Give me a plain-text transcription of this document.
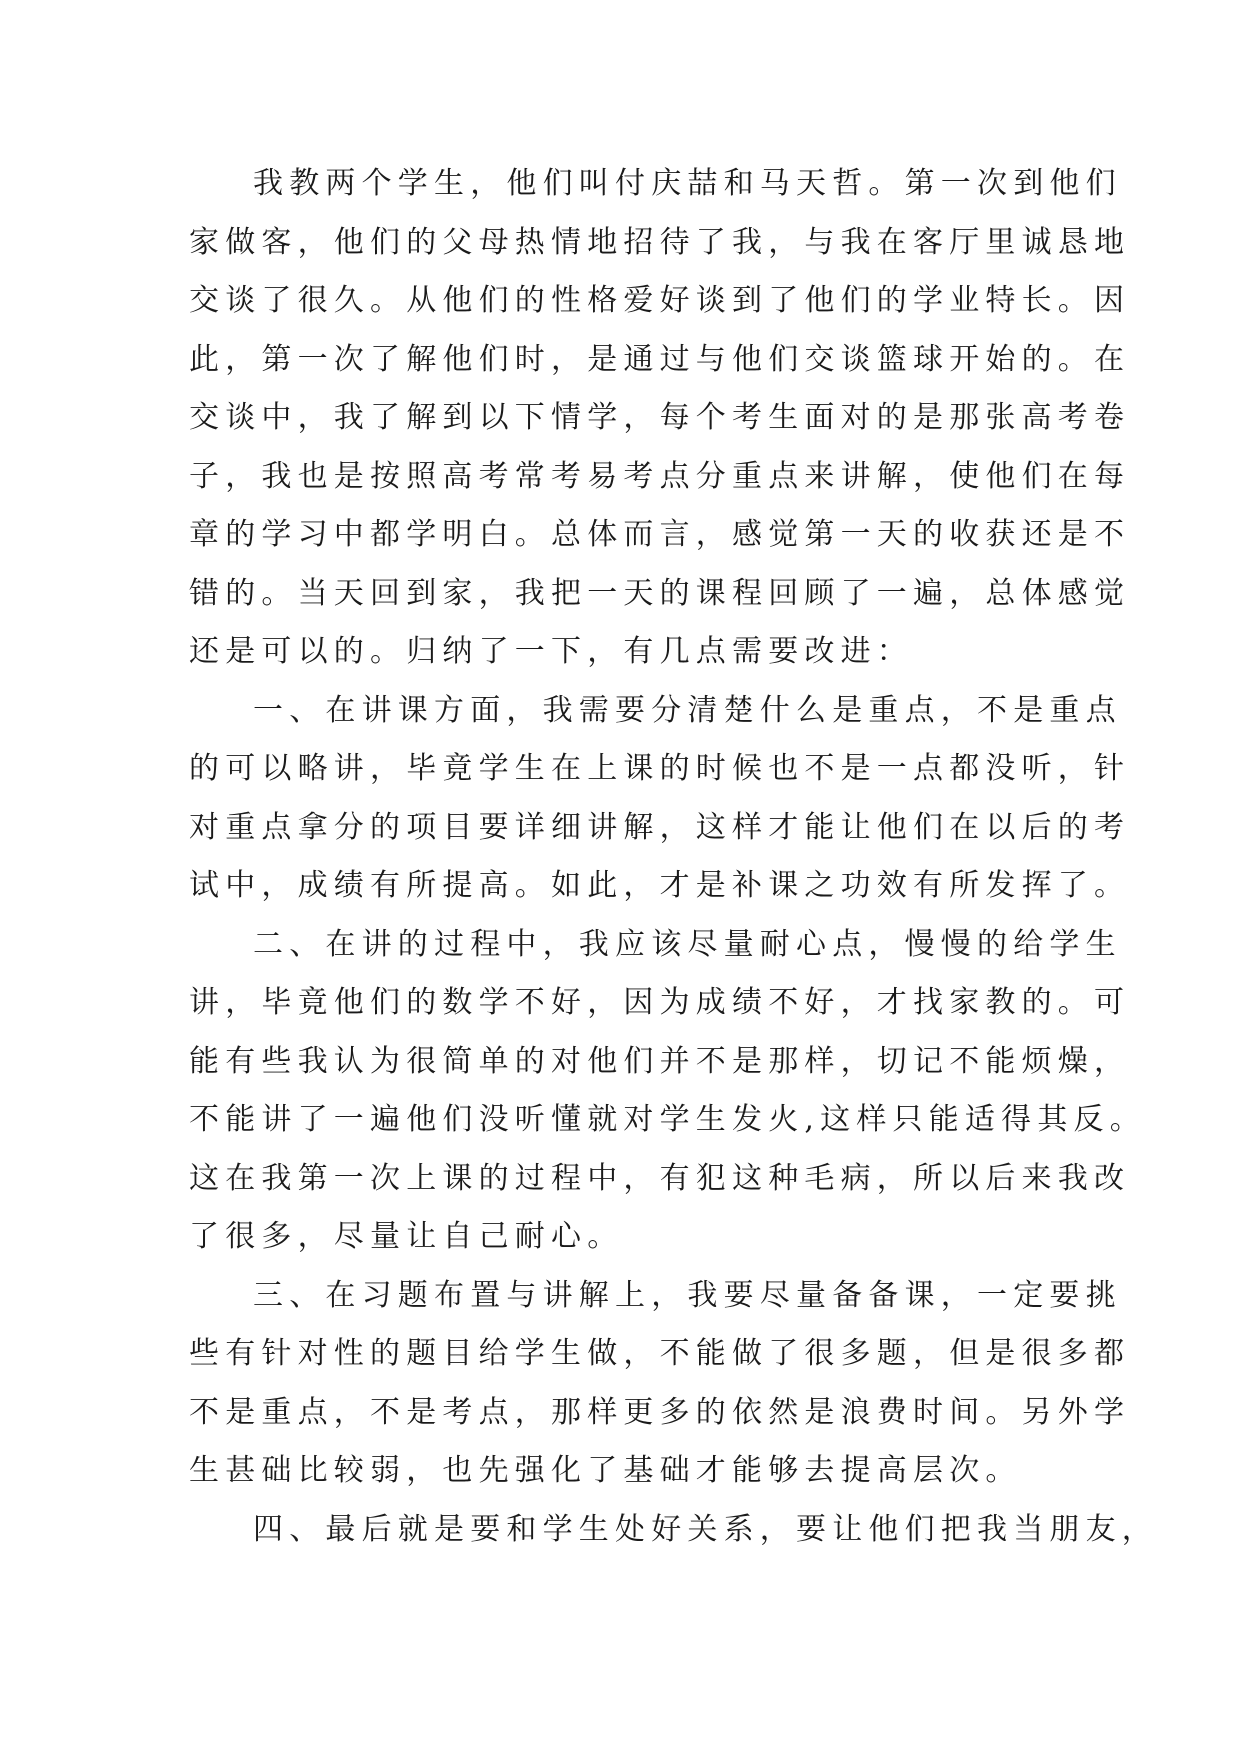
我教两个学生，他们叫付庆喆和马天哲。第一次到他们
家做客，他们的父母热情地招待了我，与我在客厅里诚恳地
交谈了很久。从他们的性格爱好谈到了他们的学业特长。因
此，第一次了解他们时，是通过与他们交谈篮球开始的。在
交谈中，我了解到以下情学，每个考生面对的是那张高考卷
子，我也是按照高考常考易考点分重点来讲解，使他们在每
章的学习中都学明白。总体而言，感觉第一天的收获还是不
错的。当天回到家，我把一天的课程回顾了一遍，总体感觉
还是可以的。归纳了一下，有几点需要改进：
一、在讲课方面，我需要分清楚什么是重点，不是重点
的可以略讲，毕竟学生在上课的时候也不是一点都没听，针
对重点拿分的项目要详细讲解，这样才能让他们在以后的考
试中，成绩有所提高。如此，才是补课之功效有所发挥了。
二、在讲的过程中，我应该尽量耐心点，慢慢的给学生
讲，毕竟他们的数学不好，因为成绩不好，才找家教的。可
能有些我认为很简单的对他们并不是那样，切记不能烦燥，
不能讲了一遍他们没听懂就对学生发火,这样只能适得其反。
这在我第一次上课的过程中，有犯这种毛病，所以后来我改
了很多，尽量让自己耐心。
三、在习题布置与讲解上，我要尽量备备课，一定要挑
些有针对性的题目给学生做，不能做了很多题，但是很多都
不是重点，不是考点，那样更多的依然是浪费时间。另外学
生甚础比较弱，也先强化了基础才能够去提高层次。
四、最后就是要和学生处好关系，要让他们把我当朋友，
